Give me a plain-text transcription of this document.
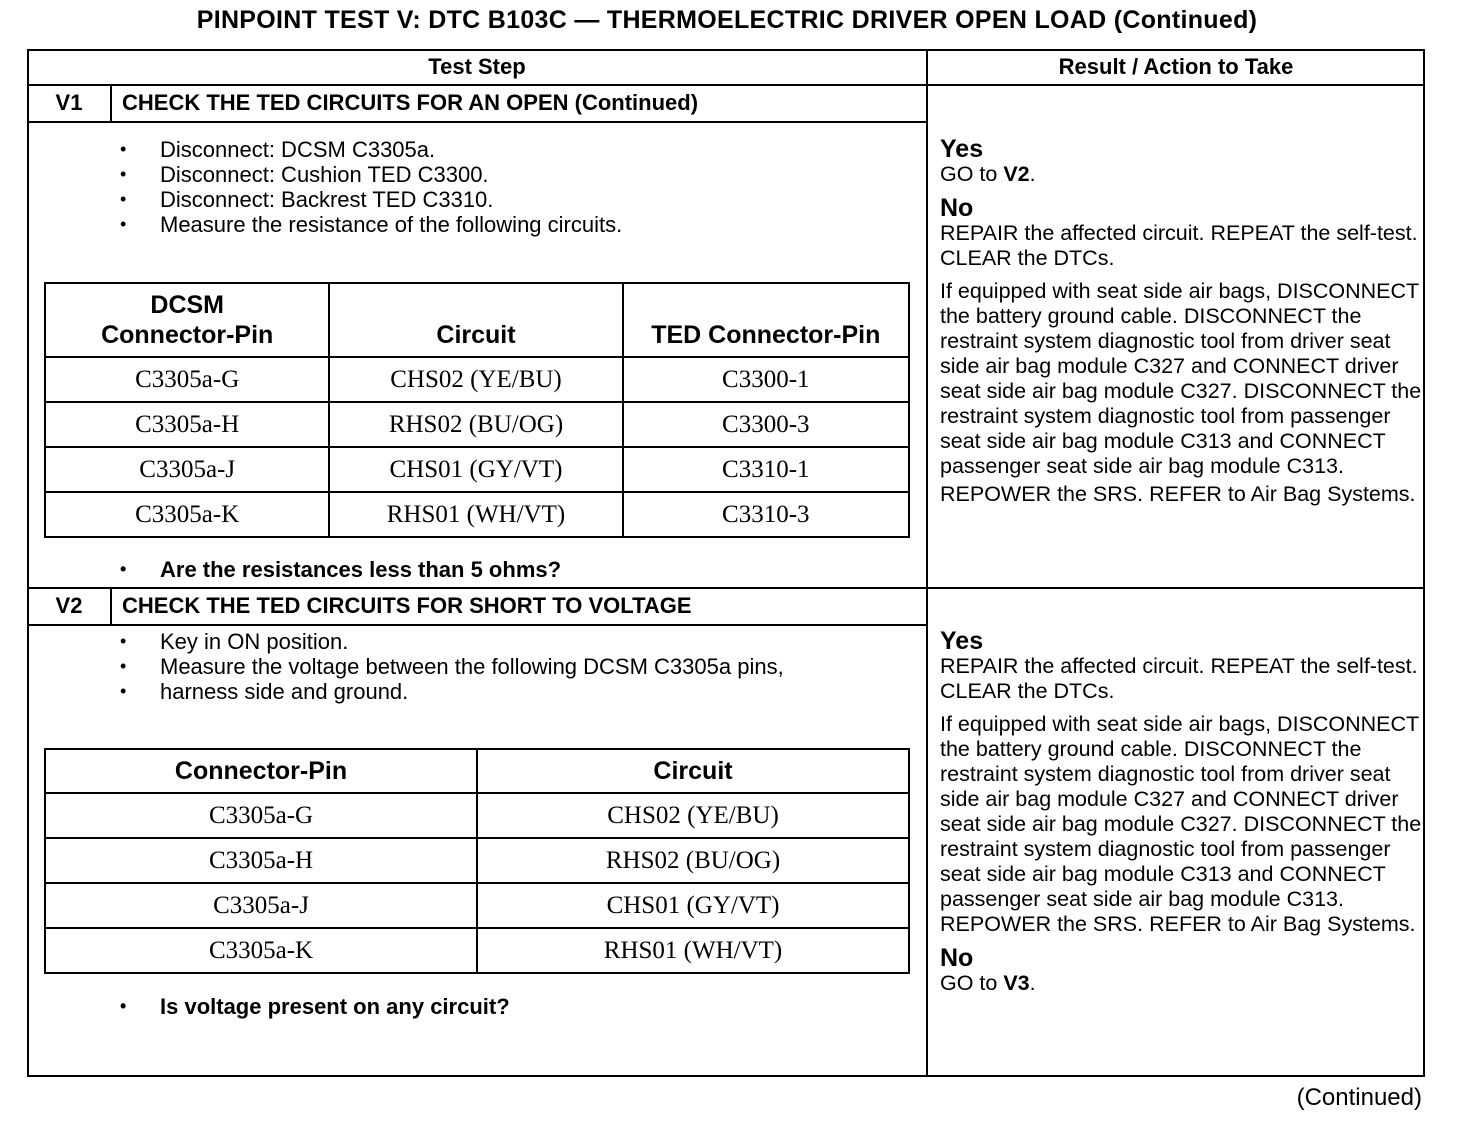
PINPOINT TEST V: DTC B103C — THERMOELECTRIC DRIVER OPEN LOAD (Continued)
Test Step	Result / Action to Take
V1	CHECK THE TED CIRCUITS FOR AN OPEN (Continued)
• Disconnect: DCSM C3305a.
• Disconnect: Cushion TED C3300.
• Disconnect: Backrest TED C3310.
• Measure the resistance of the following circuits.
DCSM
Connector-Pin	Circuit	TED Connector-Pin
C3305a-G	CHS02 (YE/BU)	C3300-1
C3305a-H	RHS02 (BU/OG)	C3300-3
C3305a-J	CHS01 (GY/VT)	C3310-1
C3305a-K	RHS01 (WH/VT)	C3310-3
• Are the resistances less than 5 ohms?
Yes

GO to V2.

No

REPAIR the affected circuit. REPEAT the self-test. CLEAR the DTCs.

If equipped with seat side air bags, DISCONNECT the battery ground cable. DISCONNECT the restraint system diagnostic tool from driver seat side air bag module C327 and CONNECT driver seat side air bag module C327. DISCONNECT the restraint system diagnostic tool from passenger seat side air bag module C313 and CONNECT passenger seat side air bag module C313.

REPOWER the SRS. REFER to Air Bag Systems.

V2	CHECK THE TED CIRCUITS FOR SHORT TO VOLTAGE
• Key in ON position.
• Measure the voltage between the following DCSM C3305a pins,
• harness side and ground.
Connector-Pin	Circuit
C3305a-G	CHS02 (YE/BU)
C3305a-H	RHS02 (BU/OG)
C3305a-J	CHS01 (GY/VT)
C3305a-K	RHS01 (WH/VT)
• Is voltage present on any circuit?
Yes

REPAIR the affected circuit. REPEAT the self-test. CLEAR the DTCs.

If equipped with seat side air bags, DISCONNECT the battery ground cable. DISCONNECT the restraint system diagnostic tool from driver seat side air bag module C327 and CONNECT driver seat side air bag module C327. DISCONNECT the restraint system diagnostic tool from passenger seat side air bag module C313 and CONNECT passenger seat side air bag module C313. REPOWER the SRS. REFER to Air Bag Systems.

No

GO to V3.

(Continued)
